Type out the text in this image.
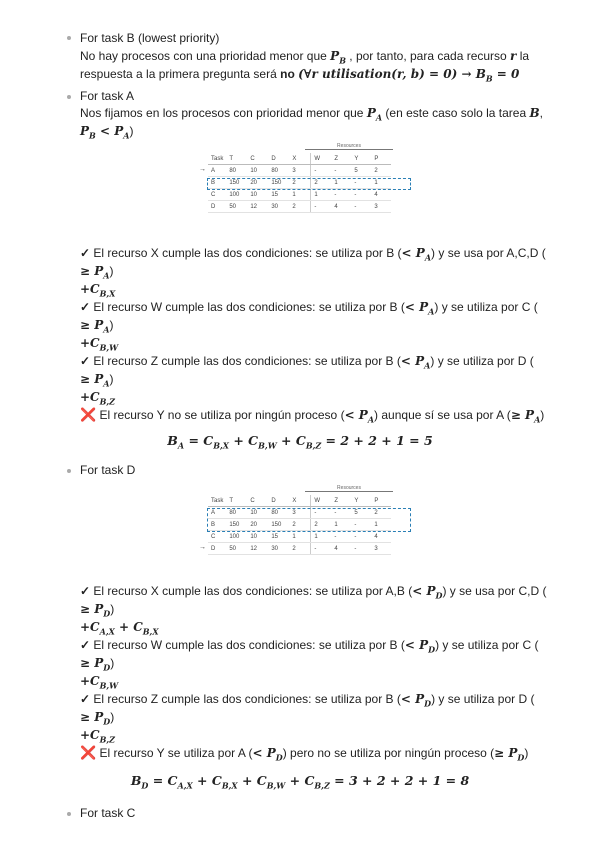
For task B (lowest priority)
No hay procesos con una prioridad menor que $P_B$ , por tanto, para cada recurso r la
respuesta a la primera pregunta será no (∀r utilisation(r, $b) = 0) \to B_B = 0$
For task A
Nos fijamos en los procesos con prioridad menor que $P_A$ (en este caso solo la tarea B,
$P_B < P_A$)
Resources
Task	T	C	D	X	W	Z	Y	P
A	80	10	80	3	-	-	5	2
B	150	20	150	2	2	1	-	1
C	100	10	15	1	1	-	-	4
D	50	12	30	2	-	4	-	3
→
✓ El recurso X cumple las dos condiciones: se utiliza por B (< $P_A$) y se usa por A,C,D (
≥ $P_A$)
$+C_{B,X}$
✓ El recurso W cumple las dos condiciones: se utiliza por B (< $P_A$) y se utiliza por C (
≥ $P_A$)
$+C_{B,W}$
✓ El recurso Z cumple las dos condiciones: se utiliza por B (< $P_A$) y se utiliza por D (
≥ $P_A$)
$+C_{B,Z}$
❌ El recurso Y no se utiliza por ningún proceso (< $P_A$) aunque sí se usa por A (≥ $P_A$)
$B_A = C_{B,X} + C_{B,W} + C_{B,Z} = 2 + 2 + 1 = 5$
For task D
Resources
Task	T	C	D	X	W	Z	Y	P
A	80	10	80	3	-	-	5	2
B	150	20	150	2	2	1	-	1
C	100	10	15	1	1	-	-	4
D	50	12	30	2	-	4	-	3
→
✓ El recurso X cumple las dos condiciones: se utiliza por A,B (< $P_D$) y se usa por C,D (
≥ $P_D$)
$+C_{A,X} + C_{B,X}$
✓ El recurso W cumple las dos condiciones: se utiliza por B (< $P_D$) y se utiliza por C (
≥ $P_D$)
$+C_{B,W}$
✓ El recurso Z cumple las dos condiciones: se utiliza por B (< $P_D$) y se utiliza por D (
≥ $P_D$)
$+C_{B,Z}$
❌ El recurso Y se utiliza por A (< $P_D$) pero no se utiliza por ningún proceso (≥ $P_D$)
$B_D = C_{A,X} + C_{B,X} + C_{B,W} + C_{B,Z} = 3 + 2 + 2 + 1 = 8$
For task C
